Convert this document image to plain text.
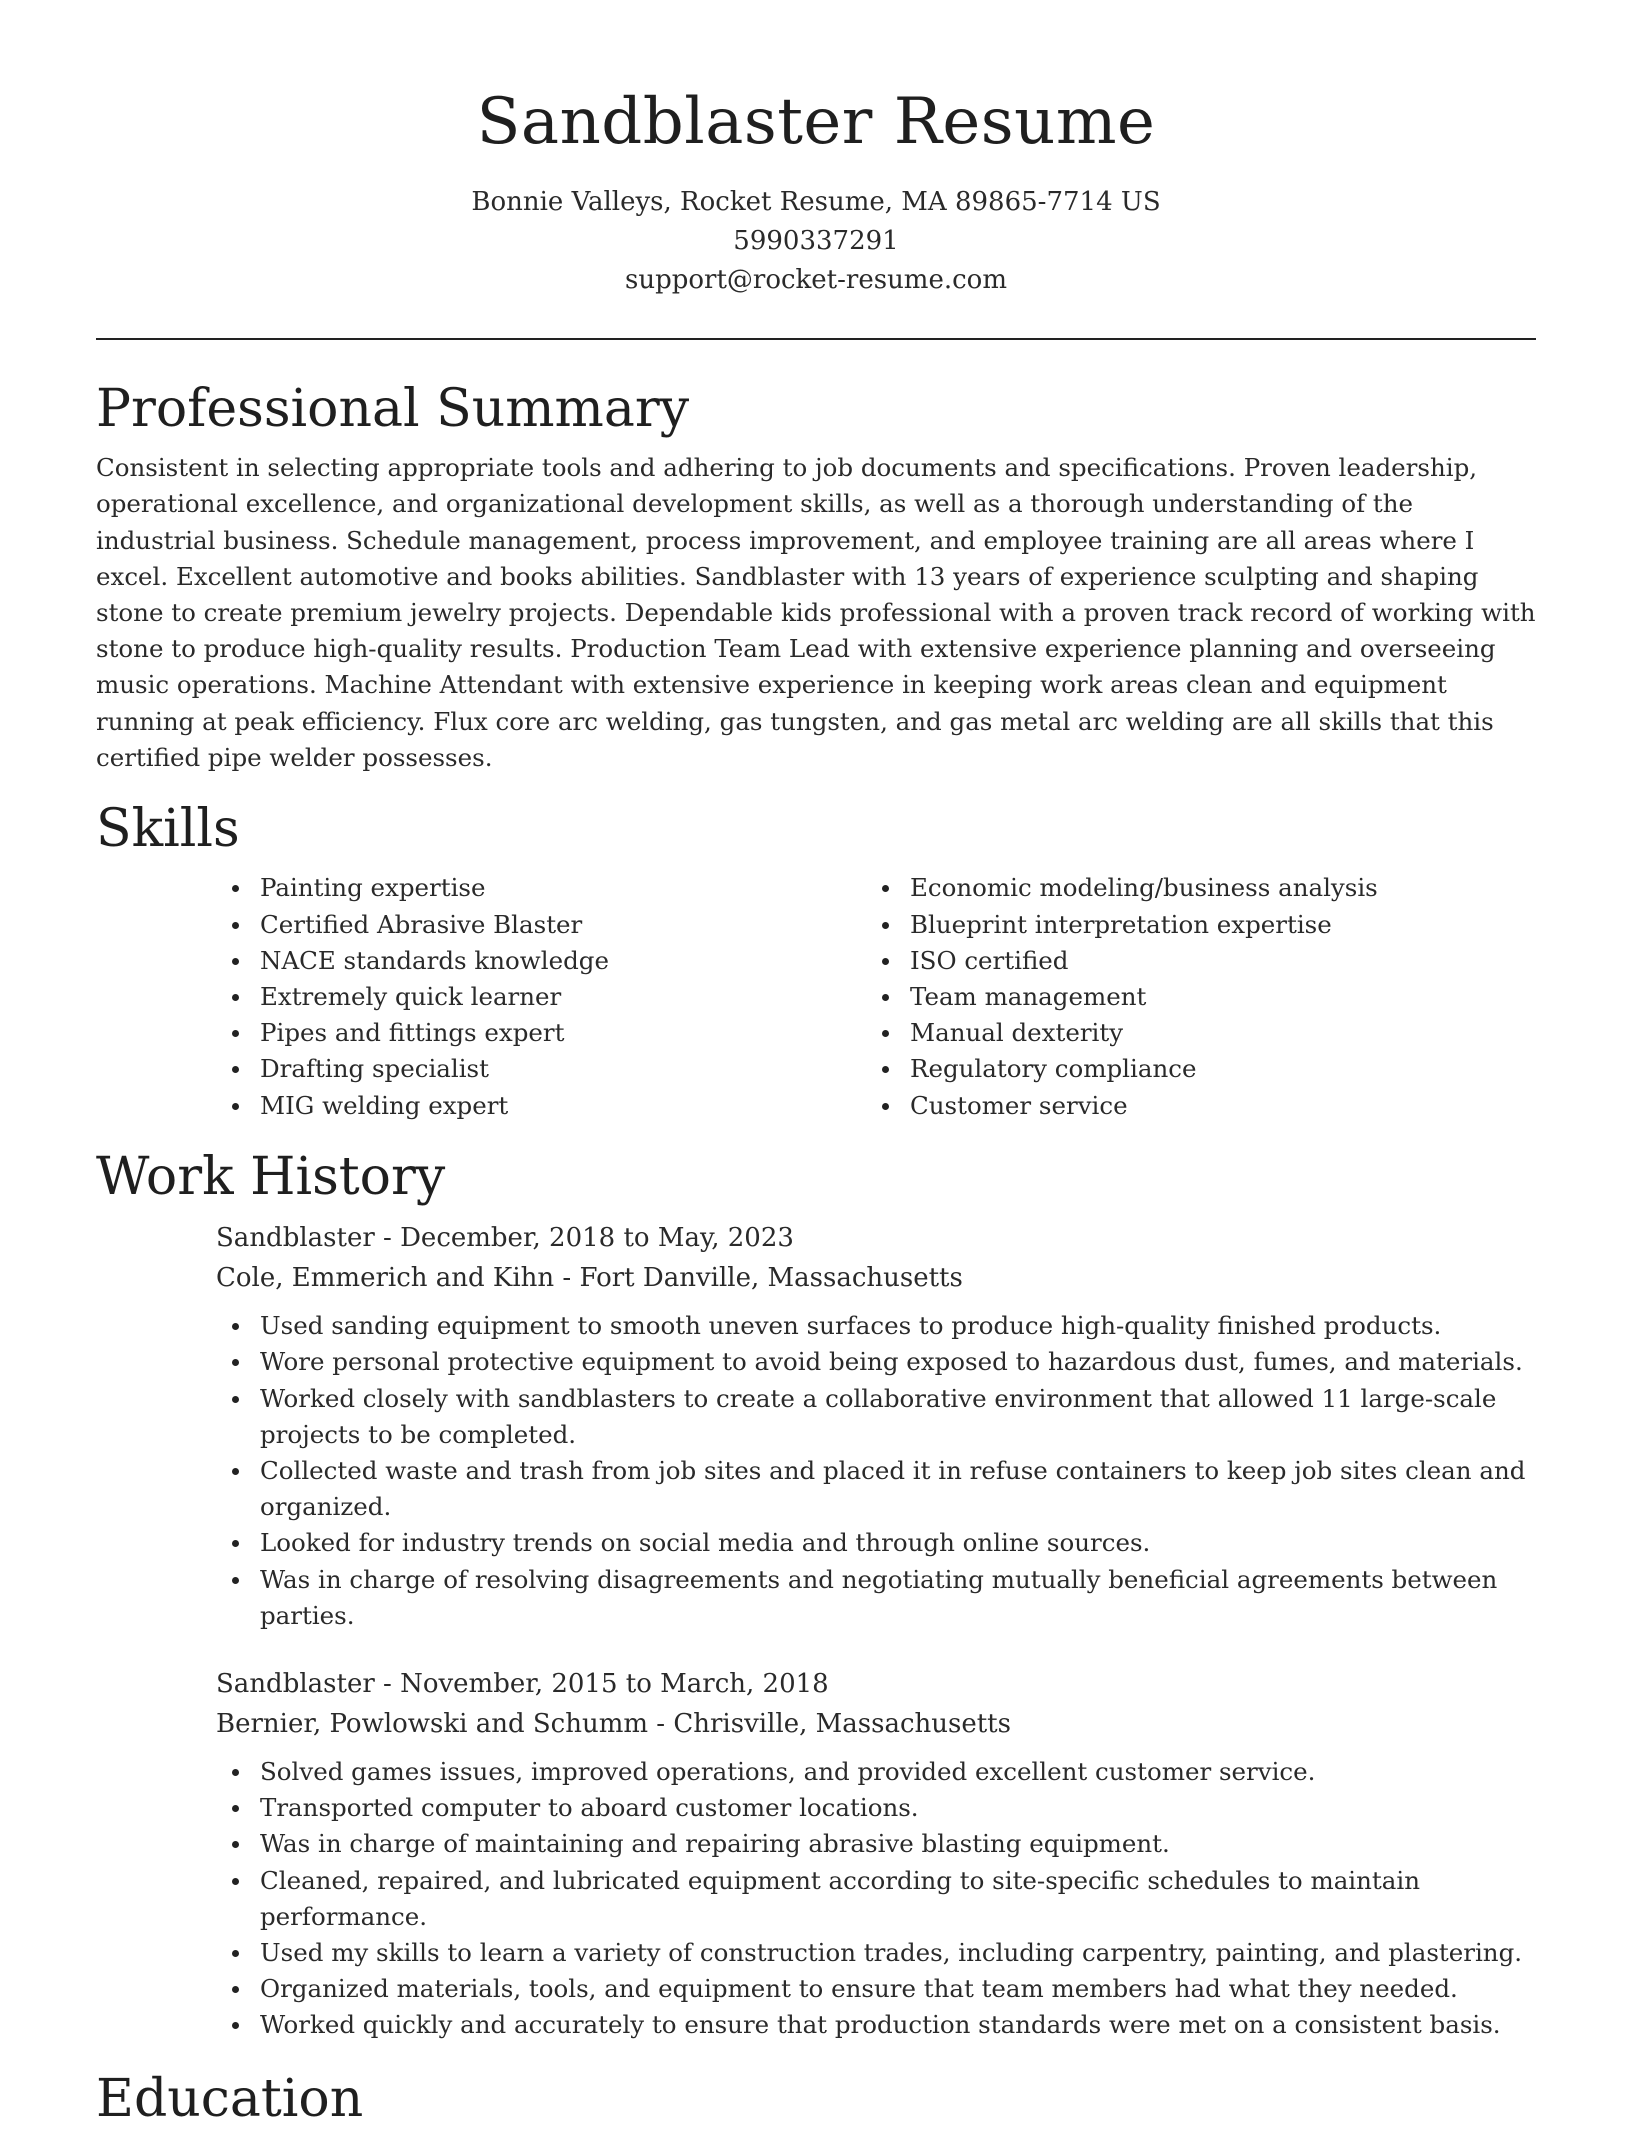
Sandblaster Resume
Bonnie Valleys, Rocket Resume, MA 89865-7714 US
5990337291
support@rocket-resume.com
Professional Summary

Consistent in selecting appropriate tools and adhering to job documents and specifications. Proven leadership, operational excellence, and organizational development skills, as well as a thorough understanding of the industrial business. Schedule management, process improvement, and employee training are all areas where I excel. Excellent automotive and books abilities. Sandblaster with 13 years of experience sculpting and shaping stone to create premium jewelry projects. Dependable kids professional with a proven track record of working with stone to produce high-quality results. Production Team Lead with extensive experience planning and overseeing music operations. Machine Attendant with extensive experience in keeping work areas clean and equipment running at peak efficiency. Flux core arc welding, gas tungsten, and gas metal arc welding are all skills that this certified pipe welder possesses.

Skills
Painting expertise
Certified Abrasive Blaster
NACE standards knowledge
Extremely quick learner
Pipes and fittings expert
Drafting specialist
MIG welding expert
Economic modeling/business analysis
Blueprint interpretation expertise
ISO certified
Team management
Manual dexterity
Regulatory compliance
Customer service
Work History
Sandblaster - December, 2018 to May, 2023
Cole, Emmerich and Kihn - Fort Danville, Massachusetts
Used sanding equipment to smooth uneven surfaces to produce high-quality finished products.
Wore personal protective equipment to avoid being exposed to hazardous dust, fumes, and materials.
Worked closely with sandblasters to create a collaborative environment that allowed 11 large-scale projects to be completed.
Collected waste and trash from job sites and placed it in refuse containers to keep job sites clean and organized.
Looked for industry trends on social media and through online sources.
Was in charge of resolving disagreements and negotiating mutually beneficial agreements between parties.
Sandblaster - November, 2015 to March, 2018
Bernier, Powlowski and Schumm - Chrisville, Massachusetts
Solved games issues, improved operations, and provided excellent customer service.
Transported computer to aboard customer locations.
Was in charge of maintaining and repairing abrasive blasting equipment.
Cleaned, repaired, and lubricated equipment according to site-specific schedules to maintain performance.
Used my skills to learn a variety of construction trades, including carpentry, painting, and plastering.
Organized materials, tools, and equipment to ensure that team members had what they needed.
Worked quickly and accurately to ensure that production standards were met on a consistent basis.
Education
